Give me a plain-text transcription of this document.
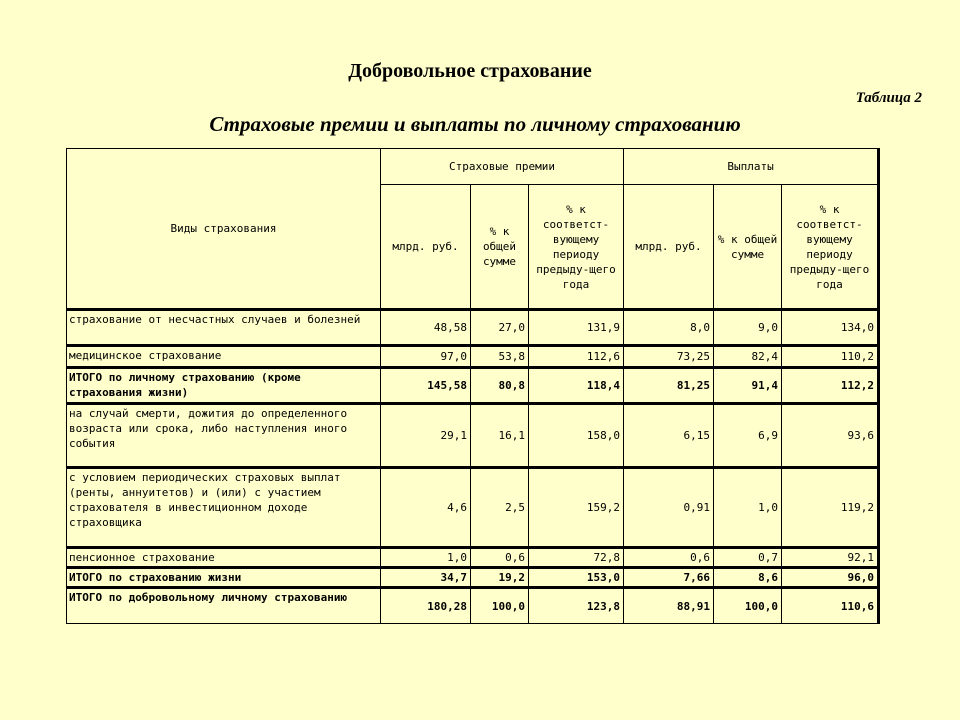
Добровольное страхование
Таблица 2
Страховые премии и выплаты по личному страхованию
Виды страхования	Страховые премии			Выплаты		
	млрд. руб.	% к общей сумме	% к соответст-вующему периоду предыду-щего года	млрд. руб.	% к общей сумме	% к соответст-вующему периоду предыду-щего года
страхование от несчастных случаев и болезней	48,58	27,0	131,9	8,0	9,0	134,0
медицинское страхование	97,0	53,8	112,6	73,25	82,4	110,2
ИТОГО по личному страхованию (кроме страхования жизни)	145,58	80,8	118,4	81,25	91,4	112,2
на случай смерти, дожития до определенного возраста или срока, либо наступления иного события	29,1	16,1	158,0	6,15	6,9	93,6
с условием периодических страховых выплат (ренты, аннуитетов) и (или) с участием страхователя в инвестиционном доходе страховщика	4,6	2,5	159,2	0,91	1,0	119,2
пенсионное страхование	1,0	0,6	72,8	0,6	0,7	92,1
ИТОГО по страхованию жизни	34,7	19,2	153,0	7,66	8,6	96,0
ИТОГО по добровольному личному страхованию	180,28	100,0	123,8	88,91	100,0	110,6
